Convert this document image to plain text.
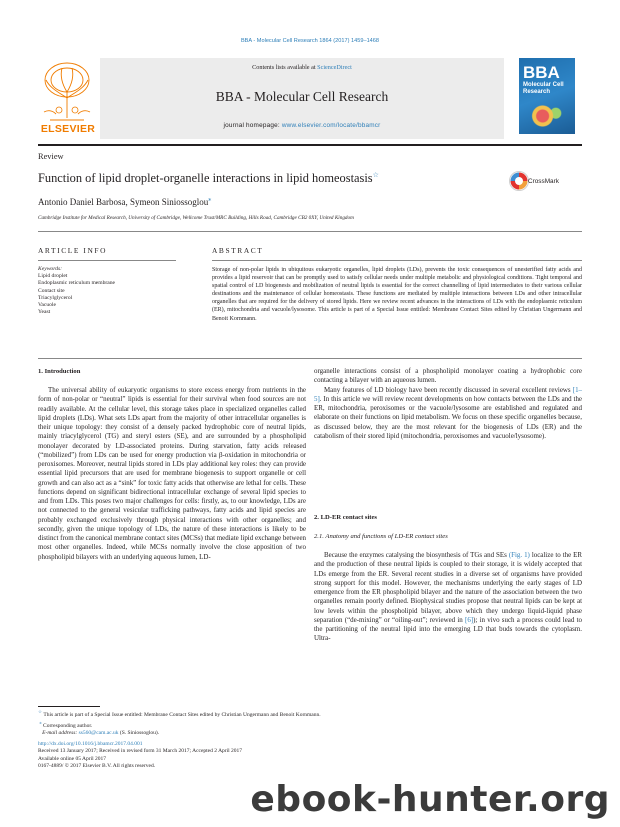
BBA - Molecular Cell Research 1864 (2017) 1459–1468
ELSEVIER
Contents lists available at ScienceDirect
BBA - Molecular Cell Research
journal homepage: www.elsevier.com/locate/bbamcr
BBA
Molecular Cell Research
Review
Function of lipid droplet-organelle interactions in lipid homeostasis☆
CrossMark
Antonio Daniel Barbosa, Symeon Siniossoglou⁎
Cambridge Institute for Medical Research, University of Cambridge, Wellcome Trust/MRC Building, Hills Road, Cambridge CB2 0XY, United Kingdom
ARTICLE INFO	ABSTRACT
Keywords:
Lipid droplet
Endoplasmic reticulum membrane
Contact site
Triacylglycerol
Vacuole
Yeast
Storage of non-polar lipids in ubiquitous eukaryotic organelles, lipid droplets (LDs), prevents the toxic consequences of unesterified fatty acids and provides a lipid reservoir that can be promptly used to satisfy cellular needs under multiple metabolic and physiological conditions. Tight temporal and spatial control of LD biogenesis and mobilization of neutral lipids is essential for the correct channelling of lipid intermediates to their various cellular destinations and the maintenance of cellular homeostasis. These functions are mediated by multiple interactions between LDs and other intracellular organelles that are required for the delivery of stored lipids. Here we review recent advances in the interactions of LDs with the endoplasmic reticulum (ER), mitochondria and vacuole/lysosome. This article is part of a Special Issue entitled: Membrane Contact Sites edited by Christian Ungermann and Benoit Kornmann.
1. Introduction

The universal ability of eukaryotic organisms to store excess energy from nutrients in the form of non-polar or “neutral” lipids is essential for their survival when food sources are not readily available. At the cellular level, this storage takes place in specialized organelles called lipid droplets (LDs). What sets LDs apart from the majority of other intracellular organelles is their unique topology: they consist of a densely packed hydrophobic core of neutral lipids, mainly triacylglycerol (TG) and steryl esters (SE), and are surrounded by a phospholipid monolayer decorated by LD-associated proteins. During starvation, fatty acids released (“mobilized”) from LDs can be used for energy production via β-oxidation in mitochondria or peroxisomes. Moreover, neutral lipids stored in LDs play additional key roles: they can provide essential lipid precursors that are used for membrane biogenesis to support organelle or cell growth and can also act as a “sink” for toxic fatty acids that otherwise are lethal for cells. These functions depend on significant bidirectional intracellular exchange of several lipid species to and from LDs. This poses two major challenges for cells: firstly, as, to our knowledge, LDs are not connected to the general vesicular trafficking pathways, fatty acids and lipid species are probably exchanged exclusively through physical interactions with other organelles; and secondly, given the unique topology of LDs, the nature of these interactions is likely to be distinct from the canonical membrane contact sites (MCSs) that mediate lipid exchange between most other organelles. Indeed, while MCSs normally involve the close apposition of two phospholipid bilayers with an underlying aqueous lumen, LD-

organelle interactions consist of a phospholipid monolayer coating a hydrophobic core contacting a bilayer with an aqueous lumen.

Many features of LD biology have been recently discussed in several excellent reviews [1–5]. In this article we will review recent developments on how contacts between the LDs and the ER, mitochondria, peroxisomes or the vacuole/lysosome are established and regulated and elaborate on their functions on lipid metabolism. We focus on these specific organelles because, as discussed below, they are the most relevant for the biogenesis of LDs (ER) and the catabolism of their stored lipid (mitochondria, peroxisomes and vacuole/lysosome).

2. LD-ER contact sites
2.1. Anatomy and functions of LD-ER contact sites

Because the enzymes catalysing the biosynthesis of TGs and SEs (Fig. 1) localize to the ER and the production of these neutral lipids is coupled to their storage, it is widely accepted that LDs emerge from the ER. Several recent studies in a diverse set of organisms have provided strong support for this model. However, the mechanisms underlying the early stages of LD emergence from the ER phospholipid bilayer and the nature of the association between the two organelles remain poorly defined. Biophysical studies propose that neutral lipids can be kept at low levels within the phospholipid bilayer, above which they undergo liquid-liquid phase separation (“de-mixing” or “oiling-out”; reviewed in [6]); in vivo such a process could lead to the partitioning of the neutral lipid into the emerging LD that buds towards the cytoplasm. Ultra-

☆ This article is part of a Special Issue entitled: Membrane Contact Sites edited by Christian Ungermann and Benoit Kornmann.

⁎ Corresponding author.

E-mail address: ss560@cam.ac.uk (S. Siniossoglou).

http://dx.doi.org/10.1016/j.bbamcr.2017.04.001

Received 13 January 2017; Received in revised form 31 March 2017; Accepted 2 April 2017

Available online 05 April 2017

0167-4889/ © 2017 Elsevier B.V. All rights reserved.

ebook-hunter.org
